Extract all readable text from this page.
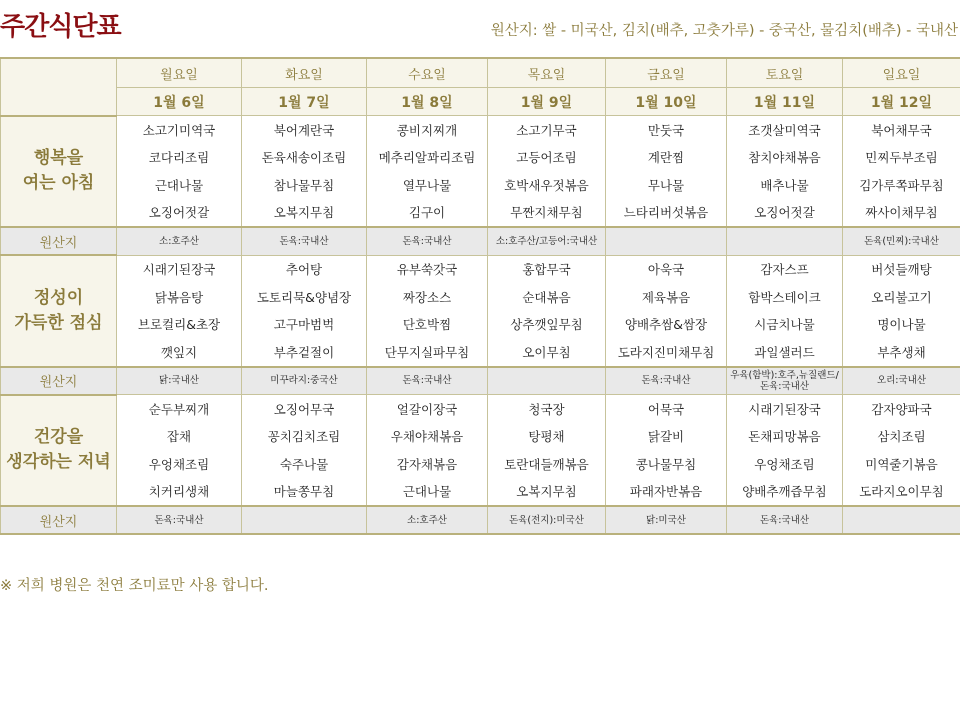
주간식단표	원산지: 쌀 - 미국산, 김치(배추, 고춧가루) - 중국산, 물김치(배추) - 국내산
	월요일	화요일	수요일	목요일	금요일	토요일	일요일
	1월 6일	1월 7일	1월 8일	1월 9일	1월 10일	1월 11일	1월 12일

행복을
여는 아침	소고기미역국	북어계란국	콩비지찌개	소고기무국	만둣국	조갯살미역국	북어채무국
	코다리조림	돈육새송이조림	메추리알꽈리조림	고등어조림	계란찜	참치야채볶음	민찌두부조림
	근대나물	참나물무침	열무나물	호박새우젓볶음	무나물	배추나물	김가루쪽파무침
	오징어젓갈	오복지무침	김구이	무짠지채무침	느타리버섯볶음	오징어젓갈	짜사이채무침
원산지	소:호주산	돈육:국내산	돈육:국내산	소:호주산/고등어:국내산			돈육(민찌):국내산

정성이
가득한 점심	시래기된장국	추어탕	유부쑥갓국	홍합무국	아욱국	감자스프	버섯들깨탕
	닭볶음탕	도토리묵&양념장	짜장소스	순대볶음	제육볶음	함박스테이크	오리불고기
	브로컬리&초장	고구마범벅	단호박찜	상추깻잎무침	양배추쌈&쌈장	시금치나물	명이나물
	깻잎지	부추겉절이	단무지실파무침	오이무침	도라지진미채무침	과일샐러드	부추생채
원산지	닭:국내산	미꾸라지:중국산	돈육:국내산		돈육:국내산	우육(함박):호주,뉴질랜드/돈육:국내산	오리:국내산

건강을
생각하는 저녁	순두부찌개	오징어무국	얼갈이장국	청국장	어묵국	시래기된장국	감자양파국
	잡채	꽁치김치조림	우채야채볶음	탕평채	닭갈비	돈채피망볶음	삼치조림
	우엉채조림	숙주나물	감자채볶음	토란대들깨볶음	콩나물무침	우엉채조림	미역줄기볶음
	치커리생채	마늘쫑무침	근대나물	오복지무침	파래자반볶음	양배추깨즙무침	도라지오이무침
원산지	돈육:국내산		소:호주산	돈육(전지):미국산	닭:미국산	돈육:국내산	
※ 저희 병원은 천연 조미료만 사용 합니다.
